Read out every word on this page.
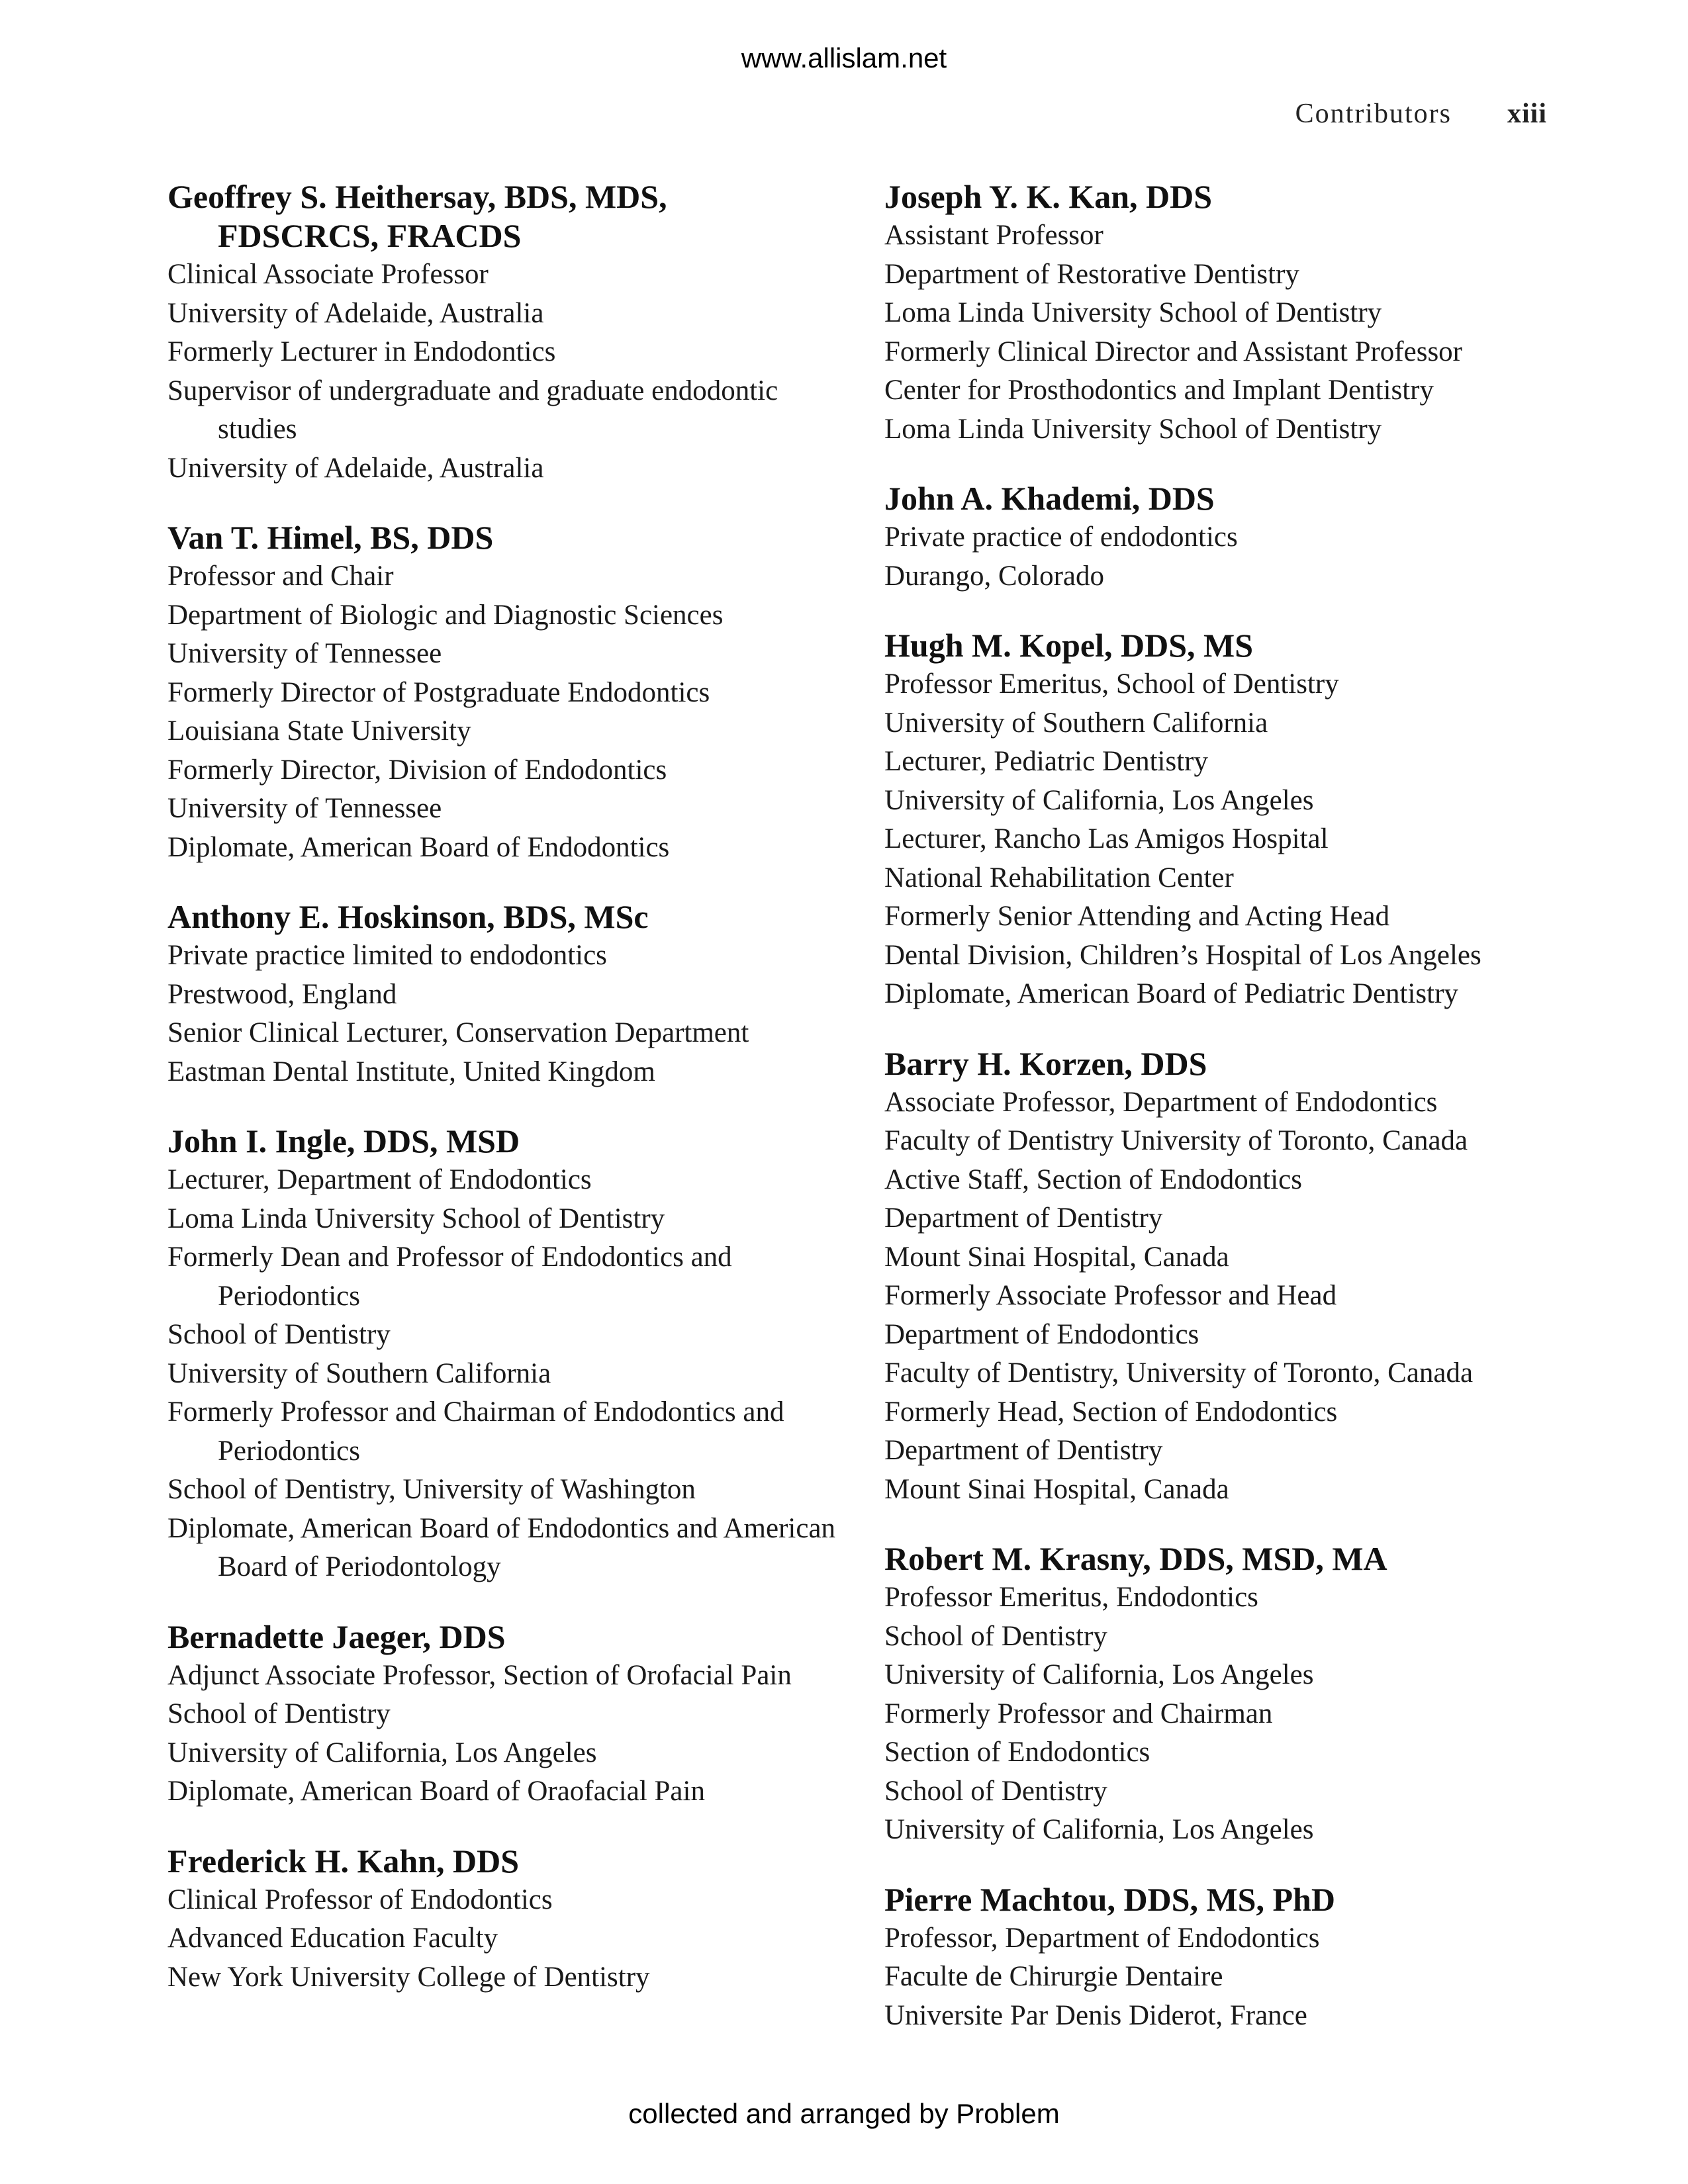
www.allislam.net
Contributors xiii
Geoffrey S. Heithersay, BDS, MDS, FDSCRCS, FRACDS
Clinical Associate Professor
University of Adelaide, Australia
Formerly Lecturer in Endodontics
Supervisor of undergraduate and graduate endodontic studies
University of Adelaide, Australia
Van T. Himel, BS, DDS
Professor and Chair
Department of Biologic and Diagnostic Sciences
University of Tennessee
Formerly Director of Postgraduate Endodontics
Louisiana State University
Formerly Director, Division of Endodontics
University of Tennessee
Diplomate, American Board of Endodontics
Anthony E. Hoskinson, BDS, MSc
Private practice limited to endodontics
Prestwood, England
Senior Clinical Lecturer, Conservation Department
Eastman Dental Institute, United Kingdom
John I. Ingle, DDS, MSD
Lecturer, Department of Endodontics
Loma Linda University School of Dentistry
Formerly Dean and Professor of Endodontics and Periodontics
School of Dentistry
University of Southern California
Formerly Professor and Chairman of Endodontics and Periodontics
School of Dentistry, University of Washington
Diplomate, American Board of Endodontics and American Board of Periodontology
Bernadette Jaeger, DDS
Adjunct Associate Professor, Section of Orofacial Pain
School of Dentistry
University of California, Los Angeles
Diplomate, American Board of Oraofacial Pain
Frederick H. Kahn, DDS
Clinical Professor of Endodontics
Advanced Education Faculty
New York University College of Dentistry
Joseph Y. K. Kan, DDS
Assistant Professor
Department of Restorative Dentistry
Loma Linda University School of Dentistry
Formerly Clinical Director and Assistant Professor
Center for Prosthodontics and Implant Dentistry
Loma Linda University School of Dentistry
John A. Khademi, DDS
Private practice of endodontics
Durango, Colorado
Hugh M. Kopel, DDS, MS
Professor Emeritus, School of Dentistry
University of Southern California
Lecturer, Pediatric Dentistry
University of California, Los Angeles
Lecturer, Rancho Las Amigos Hospital
National Rehabilitation Center
Formerly Senior Attending and Acting Head
Dental Division, Children’s Hospital of Los Angeles
Diplomate, American Board of Pediatric Dentistry
Barry H. Korzen, DDS
Associate Professor, Department of Endodontics
Faculty of Dentistry University of Toronto, Canada
Active Staff, Section of Endodontics
Department of Dentistry
Mount Sinai Hospital, Canada
Formerly Associate Professor and Head
Department of Endodontics
Faculty of Dentistry, University of Toronto, Canada
Formerly Head, Section of Endodontics
Department of Dentistry
Mount Sinai Hospital, Canada
Robert M. Krasny, DDS, MSD, MA
Professor Emeritus, Endodontics
School of Dentistry
University of California, Los Angeles
Formerly Professor and Chairman
Section of Endodontics
School of Dentistry
University of California, Los Angeles
Pierre Machtou, DDS, MS, PhD
Professor, Department of Endodontics
Faculte de Chirurgie Dentaire
Universite Par Denis Diderot, France
collected and arranged by Problem
